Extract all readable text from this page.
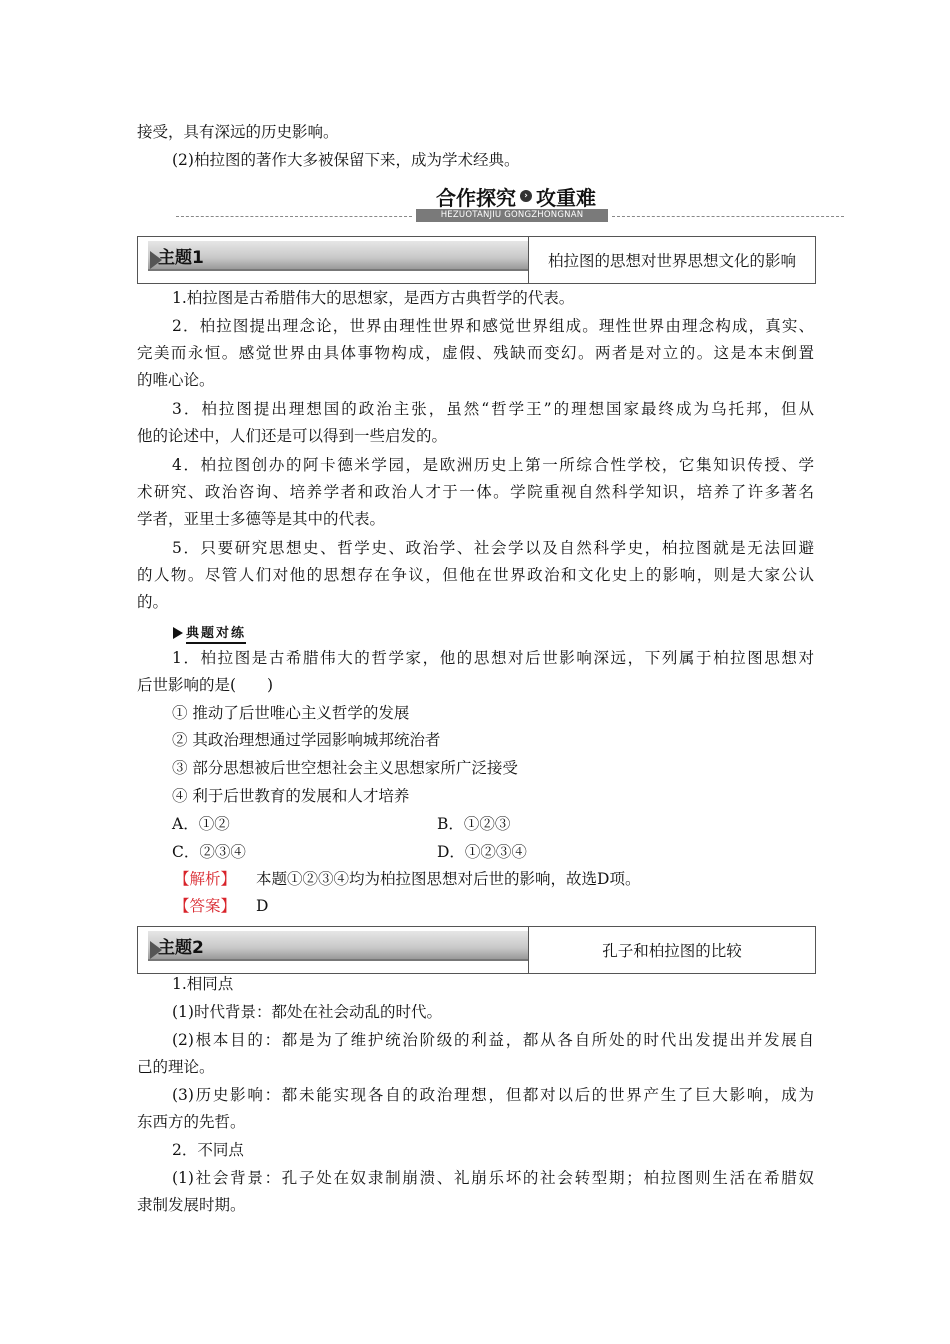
接受，具有深远的历史影响。
(2)柏拉图的著作大多被保留下来，成为学术经典。
合作探究 › 攻重难
HEZUOTANJIU GONGZHONGNAN
主题1	柏拉图的思想对世界思想文化的影响
1.柏拉图是古希腊伟大的思想家，是西方古典哲学的代表。
2．柏拉图提出理念论，世界由理性世界和感觉世界组成。理性世界由理念构成，真实、
完美而永恒。感觉世界由具体事物构成，虚假、残缺而变幻。两者是对立的。这是本末倒置
的唯心论。
3．柏拉图提出理想国的政治主张，虽然“哲学王”的理想国家最终成为乌托邦，但从
他的论述中，人们还是可以得到一些启发的。
4．柏拉图创办的阿卡德米学园，是欧洲历史上第一所综合性学校，它集知识传授、学
术研究、政治咨询、培养学者和政治人才于一体。学院重视自然科学知识，培养了许多著名
学者，亚里士多德等是其中的代表。
5．只要研究思想史、哲学史、政治学、社会学以及自然科学史，柏拉图就是无法回避
的人物。尽管人们对他的思想存在争议，但他在世界政治和文化史上的影响，则是大家公认
的。
典题对练
1．柏拉图是古希腊伟大的哲学家，他的思想对后世影响深远，下列属于柏拉图思想对
后世影响的是(　　)
① 推动了后世唯心主义哲学的发展
② 其政治理想通过学园影响城邦统治者
③ 部分思想被后世空想社会主义思想家所广泛接受
④ 利于后世教育的发展和人才培养
A．①②	B．①②③
C．②③④	D．①②③④
【解析】 本题①②③④均为柏拉图思想对后世的影响，故选D项。
【答案】 D
主题2	孔子和柏拉图的比较
1.相同点
(1)时代背景：都处在社会动乱的时代。
(2)根本目的：都是为了维护统治阶级的利益，都从各自所处的时代出发提出并发展自
己的理论。
(3)历史影响：都未能实现各自的政治理想，但都对以后的世界产生了巨大影响，成为
东西方的先哲。
2．不同点
(1)社会背景：孔子处在奴隶制崩溃、礼崩乐坏的社会转型期；柏拉图则生活在希腊奴
隶制发展时期。
